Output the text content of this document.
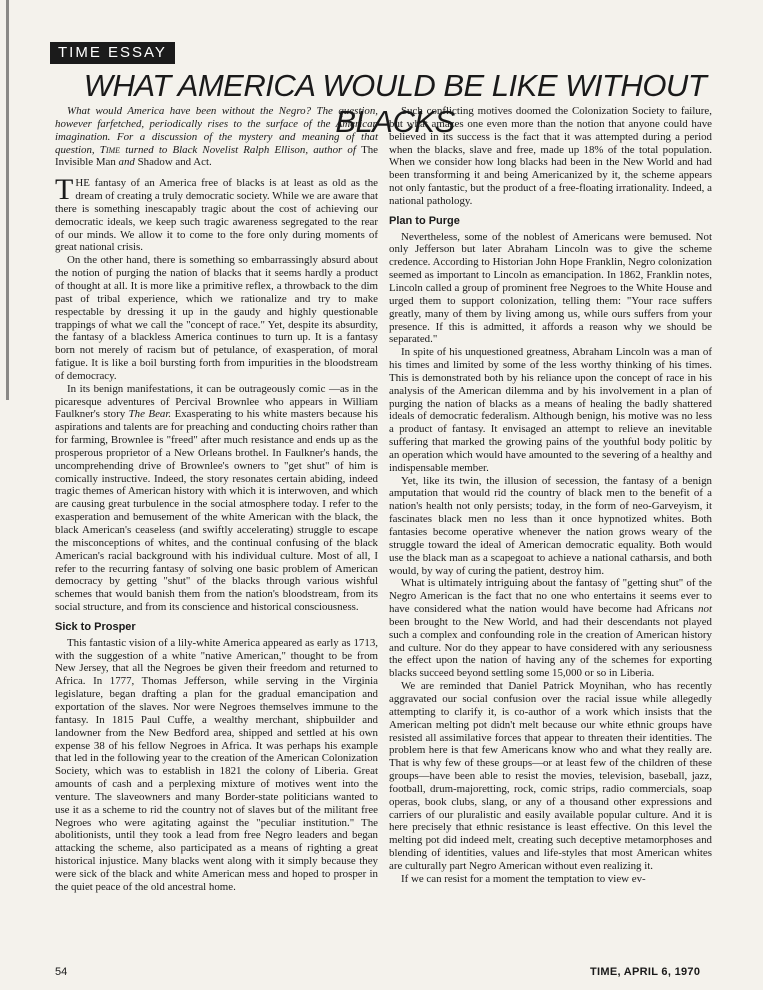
TIME ESSAY
WHAT AMERICA WOULD BE LIKE WITHOUT BLACKS

What would America have been without the Negro? The question, however farfetched, periodically rises to the surface of the American imagination. For a discussion of the mystery and meaning of that question, Time turned to Black Novelist Ralph Ellison, author of The Invisible Man and Shadow and Act.

THE fantasy of an America free of blacks is at least as old as the dream of creating a truly democratic society. While we are aware that there is something inescapably tragic about the cost of achieving our democratic ideals, we keep such tragic awareness segregated to the rear of our minds. We allow it to come to the fore only during moments of great national crisis.

On the other hand, there is something so embarrassingly absurd about the notion of purging the nation of blacks that it seems hardly a product of thought at all. It is more like a primitive reflex, a throwback to the dim past of tribal experience, which we rationalize and try to make respectable by dressing it up in the gaudy and highly questionable trappings of what we call the "concept of race." Yet, despite its absurdity, the fantasy of a blackless America continues to turn up. It is a fantasy born not merely of racism but of petulance, of exasperation, of moral fatigue. It is like a boil bursting forth from impurities in the bloodstream of democracy.

In its benign manifestations, it can be outrageously comic —as in the picaresque adventures of Percival Brownlee who appears in William Faulkner's story The Bear. Exasperating to his white masters because his aspirations and talents are for preaching and conducting choirs rather than for farming, Brownlee is "freed" after much resistance and ends up as the prosperous proprietor of a New Orleans brothel. In Faulkner's hands, the uncomprehending drive of Brownlee's owners to "get shut" of him is comically instructive. Indeed, the story resonates certain abiding, indeed tragic themes of American history with which it is interwoven, and which are causing great turbulence in the social atmosphere today. I refer to the exasperation and bemusement of the white American with the black, the black American's ceaseless (and swiftly accelerating) struggle to escape the misconceptions of whites, and the continual confusing of the black American's racial background with his individual culture. Most of all, I refer to the recurring fantasy of solving one basic problem of American democracy by getting "shut" of the blacks through various wishful schemes that would banish them from the nation's bloodstream, from its social structure, and from its conscience and historical consciousness.

Sick to Prosper

This fantastic vision of a lily-white America appeared as early as 1713, with the suggestion of a white "native American," thought to be from New Jersey, that all the Negroes be given their freedom and returned to Africa. In 1777, Thomas Jefferson, while serving in the Virginia legislature, began drafting a plan for the gradual emancipation and exportation of the slaves. Nor were Negroes themselves immune to the fantasy. In 1815 Paul Cuffe, a wealthy merchant, shipbuilder and landowner from the New Bedford area, shipped and settled at his own expense 38 of his fellow Negroes in Africa. It was perhaps his example that led in the following year to the creation of the American Colonization Society, which was to establish in 1821 the colony of Liberia. Great amounts of cash and a perplexing mixture of motives went into the venture. The slaveowners and many Border-state politicians wanted to use it as a scheme to rid the country not of slaves but of the militant free Negroes who were agitating against the "peculiar institution." The abolitionists, until they took a lead from free Negro leaders and began attacking the scheme, also participated as a means of righting a great historical injustice. Many blacks went along with it simply because they were sick of the black and white American mess and hoped to prosper in the quiet peace of the old ancestral home.

Such conflicting motives doomed the Colonization Society to failure, but what amazes one even more than the notion that anyone could have believed in its success is the fact that it was attempted during a period when the blacks, slave and free, made up 18% of the total population. When we consider how long blacks had been in the New World and had been transforming it and being Americanized by it, the scheme appears not only fantastic, but the product of a free-floating irrationality. Indeed, a national pathology.

Plan to Purge

Nevertheless, some of the noblest of Americans were bemused. Not only Jefferson but later Abraham Lincoln was to give the scheme credence. According to Historian John Hope Franklin, Negro colonization seemed as important to Lincoln as emancipation. In 1862, Franklin notes, Lincoln called a group of prominent free Negroes to the White House and urged them to support colonization, telling them: "Your race suffers greatly, many of them by living among us, while ours suffers from your presence. If this is admitted, it affords a reason why we should be separated."

In spite of his unquestioned greatness, Abraham Lincoln was a man of his times and limited by some of the less worthy thinking of his times. This is demonstrated both by his reliance upon the concept of race in his analysis of the American dilemma and by his involvement in a plan of purging the nation of blacks as a means of healing the badly shattered ideals of democratic federalism. Although benign, his motive was no less a product of fantasy. It envisaged an attempt to relieve an inevitable suffering that marked the growing pains of the youthful body politic by an operation which would have amounted to the severing of a healthy and indispensable member.

Yet, like its twin, the illusion of secession, the fantasy of a benign amputation that would rid the country of black men to the benefit of a nation's health not only persists; today, in the form of neo-Garveyism, it fascinates black men no less than it once hypnotized whites. Both fantasies become operative whenever the nation grows weary of the struggle toward the ideal of American democratic equality. Both would use the black man as a scapegoat to achieve a national catharsis, and both would, by way of curing the patient, destroy him.

What is ultimately intriguing about the fantasy of "getting shut" of the Negro American is the fact that no one who entertains it seems ever to have considered what the nation would have become had Africans not been brought to the New World, and had their descendants not played such a complex and confounding role in the creation of American history and culture. Nor do they appear to have considered with any seriousness the effect upon the nation of having any of the schemes for exporting blacks succeed beyond settling some 15,000 or so in Liberia.

We are reminded that Daniel Patrick Moynihan, who has recently aggravated our social confusion over the racial issue while allegedly attempting to clarify it, is co-author of a work which insists that the American melting pot didn't melt because our white ethnic groups have resisted all assimilative forces that appear to threaten their identities. The problem here is that few Americans know who and what they really are. That is why few of these groups—or at least few of the children of these groups—have been able to resist the movies, television, baseball, jazz, football, drum-majoretting, rock, comic strips, radio commercials, soap operas, book clubs, slang, or any of a thousand other expressions and carriers of our pluralistic and easily available popular culture. And it is here precisely that ethnic resistance is least effective. On this level the melting pot did indeed melt, creating such deceptive metamorphoses and blending of identities, values and life-styles that most American whites are culturally part Negro American without even realizing it.

If we can resist for a moment the temptation to view ev-

54	TIME, APRIL 6, 1970
